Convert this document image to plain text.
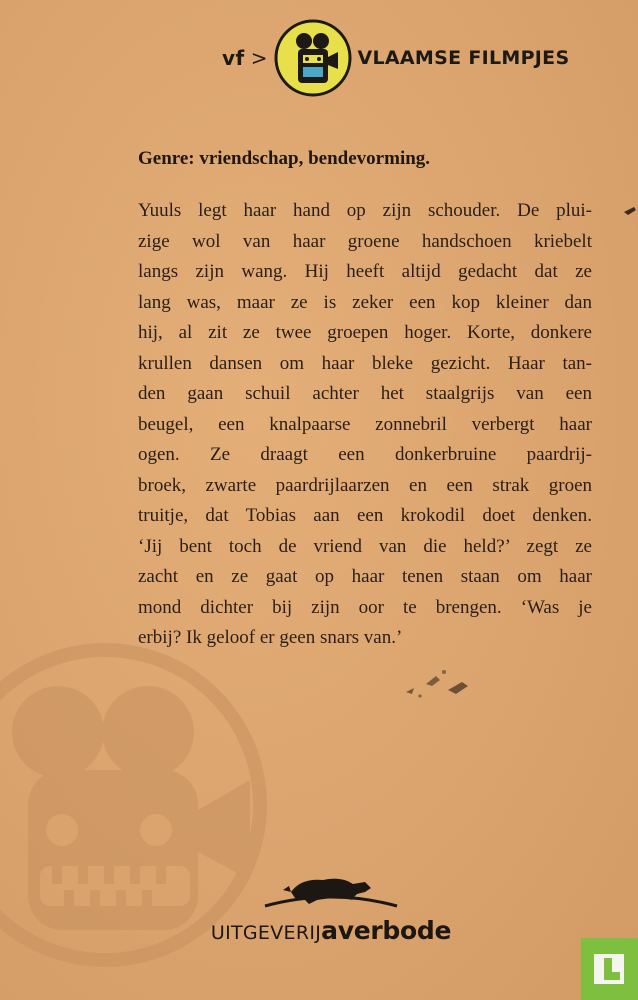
vf >	VLAAMSE FILMPJES
Genre: vriendschap, bendevorming.
Yuuls legt haar hand op zijn schouder. De plui-
zige wol van haar groene handschoen kriebelt
langs zijn wang. Hij heeft altijd gedacht dat ze
lang was, maar ze is zeker een kop kleiner dan
hij, al zit ze twee groepen hoger. Korte, donkere
krullen dansen om haar bleke gezicht. Haar tan-
den gaan schuil achter het staalgrijs van een
beugel, een knalpaarse zonnebril verbergt haar
ogen. Ze draagt een donkerbruine paardrij-
broek, zwarte paardrijlaarzen en een strak groen
truitje, dat Tobias aan een krokodil doet denken.
‘Jij bent toch de vriend van die held?’ zegt ze
zacht en ze gaat op haar tenen staan om haar
mond dichter bij zijn oor te brengen. ‘Was je
erbij? Ik geloof er geen snars van.’
UITGEVERIJaverbode
